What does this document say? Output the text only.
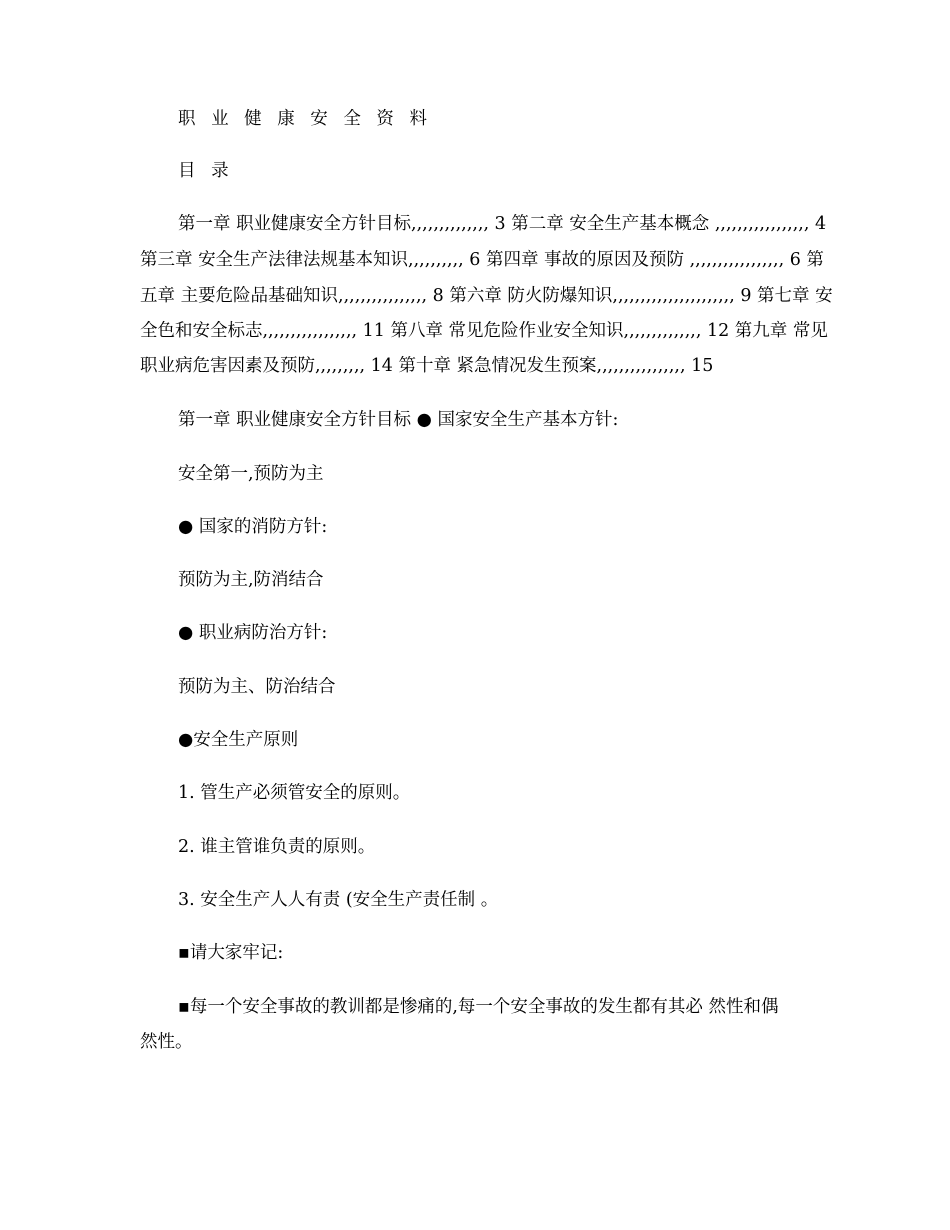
职 业 健 康 安 全 资 料
目 录
第一章 职业健康安全方针目标,,,,,,,,,,,,,, 3 第二章 安全生产基本概念 ,,,,,,,,,,,,,,,,, 4
第三章 安全生产法律法规基本知识,,,,,,,,,, 6 第四章 事故的原因及预防 ,,,,,,,,,,,,,,,,, 6 第
五章 主要危险品基础知识,,,,,,,,,,,,,,,, 8 第六章 防火防爆知识,,,,,,,,,,,,,,,,,,,,,, 9 第七章 安
全色和安全标志,,,,,,,,,,,,,,,,, 11 第八章 常见危险作业安全知识,,,,,,,,,,,,,, 12 第九章 常见
职业病危害因素及预防,,,,,,,,, 14 第十章 紧急情况发生预案,,,,,,,,,,,,,,,, 15
第一章 职业健康安全方针目标 ● 国家安全生产基本方针:
安全第一,预防为主
● 国家的消防方针:
预防为主,防消结合
● 职业病防治方针:
预防为主、防治结合
●安全生产原则
1. 管生产必须管安全的原则。
2. 谁主管谁负责的原则。
3. 安全生产人人有责 (安全生产责任制 。
▪请大家牢记:
▪每一个安全事故的教训都是惨痛的,每一个安全事故的发生都有其必 然性和偶
然性。
